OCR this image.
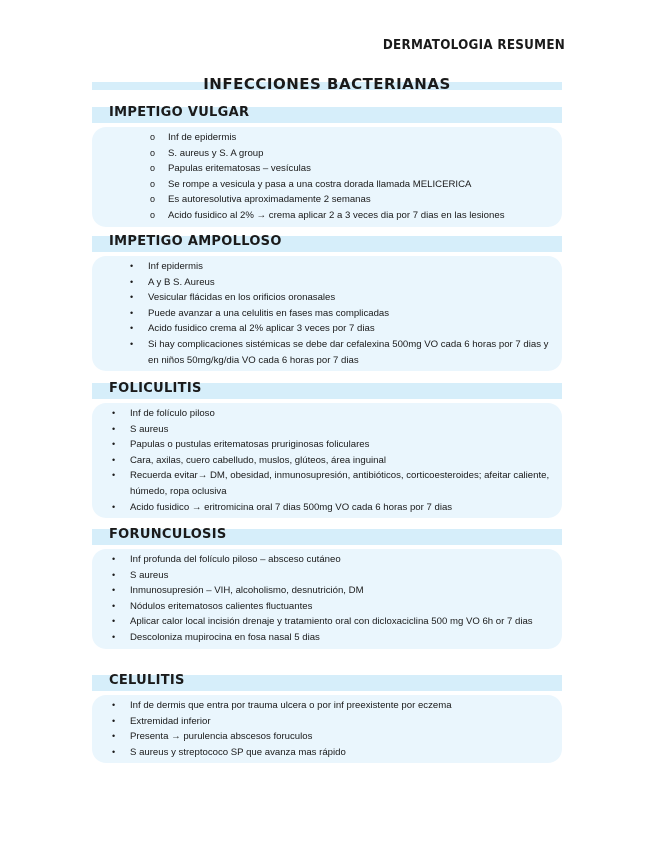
DERMATOLOGIA RESUMEN
INFECCIONES BACTERIANAS
IMPETIGO VULGAR
o Inf de epidermis
o S. aureus y S. A group
o Papulas eritematosas – vesículas
o Se rompe a vesicula y pasa a una costra dorada llamada MELICERICA
o Es autoresolutiva aproximadamente 2 semanas
o Acido fusidico al 2% → crema aplicar 2 a 3 veces dia por 7 dias en las lesiones
IMPETIGO AMPOLLOSO
• Inf epidermis
• A y B S. Aureus
• Vesicular flácidas en los orificios oronasales
• Puede avanzar a una celulitis en fases mas complicadas
• Acido fusidico crema al 2% aplicar 3 veces por 7 dias
• Si hay complicaciones sistémicas se debe dar cefalexina 500mg VO cada 6 horas por 7 dias y en niños 50mg/kg/dia VO cada 6 horas por 7 dias
FOLICULITIS
• Inf de folículo piloso
• S aureus
• Papulas o pustulas eritematosas pruriginosas foliculares
• Cara, axilas, cuero cabelludo, muslos, glúteos, área inguinal
• Recuerda evitar→ DM, obesidad, inmunosupresión, antibióticos, corticoesteroides; afeitar caliente, húmedo, ropa oclusiva
• Acido fusidico → eritromicina oral 7 dias 500mg VO cada 6 horas por 7 dias
FORUNCULOSIS
• Inf profunda del folículo piloso – absceso cutáneo
• S aureus
• Inmunosupresión – VIH, alcoholismo, desnutrición, DM
• Nódulos eritematosos calientes fluctuantes
• Aplicar calor local incisión drenaje y tratamiento oral con dicloxaciclina 500 mg VO 6h or 7 dias
• Descoloniza mupirocina en fosa nasal 5 dias
CELULITIS
• Inf de dermis que entra por trauma ulcera o por inf preexistente por eczema
• Extremidad inferior
• Presenta → purulencia abscesos foruculos
• S aureus y streptococo SP que avanza mas rápido
